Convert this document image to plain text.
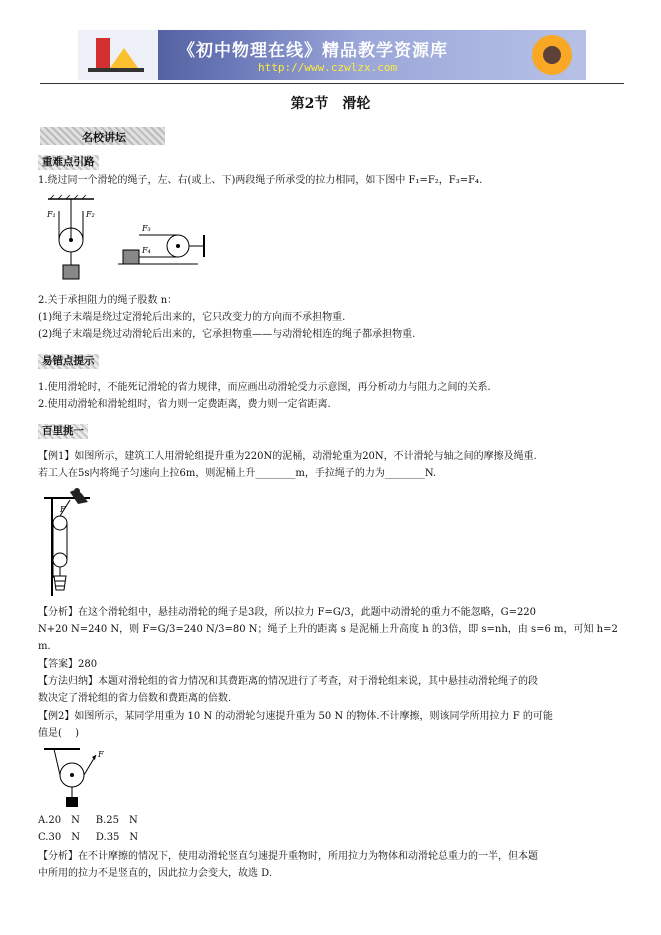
《初中物理在线》精品教学资源库
http://www.czwlzx.com
第2节　滑轮
名校讲坛
重难点引路
1.绕过同一个滑轮的绳子，左、右(或上、下)两段绳子所承受的拉力相同，如下图中 F₁=F₂，F₃=F₄.
F₁	F₂
F₃
F₄
2.关于承担阻力的绳子股数 n：
(1)绳子末端是绕过定滑轮后出来的，它只改变力的方向而不承担物重.
(2)绳子末端是绕过动滑轮后出来的，它承担物重——与动滑轮相连的绳子都承担物重.
易错点提示
1.使用滑轮时，不能死记滑轮的省力规律，而应画出动滑轮受力示意图，再分析动力与阻力之间的关系.
2.使用动滑轮和滑轮组时，省力则一定费距离，费力则一定省距离.
百里挑一
【例1】如图所示，建筑工人用滑轮组提升重为220N的泥桶，动滑轮重为20N，不计滑轮与轴之间的摩擦及绳重.
若工人在5s内将绳子匀速向上拉6m，则泥桶上升________m，手拉绳子的力为________N.
F
【分析】在这个滑轮组中，悬挂动滑轮的绳子是3段，所以拉力 F=G/3，此题中动滑轮的重力不能忽略，G=220
N+20 N=240 N，则 F=G/3=240 N/3=80 N；绳子上升的距离 s 是泥桶上升高度 h 的3倍，即 s=nh，由 s=6 m，可知 h=2
m.
【答案】280
【方法归纳】本题对滑轮组的省力情况和其费距离的情况进行了考查，对于滑轮组来说，其中悬挂动滑轮绳子的段
数决定了滑轮组的省力倍数和费距离的倍数.
【例2】如图所示，某同学用重为 10 N 的动滑轮匀速提升重为 50 N 的物体.不计摩擦，则该同学所用拉力 F 的可能
值是(　 )
F
A.20　N B.25　N
C.30　N D.35　N
【分析】在不计摩擦的情况下，使用动滑轮竖直匀速提升重物时，所用拉力为物体和动滑轮总重力的一半，但本题
中所用的拉力不是竖直的，因此拉力会变大，故选 D.
